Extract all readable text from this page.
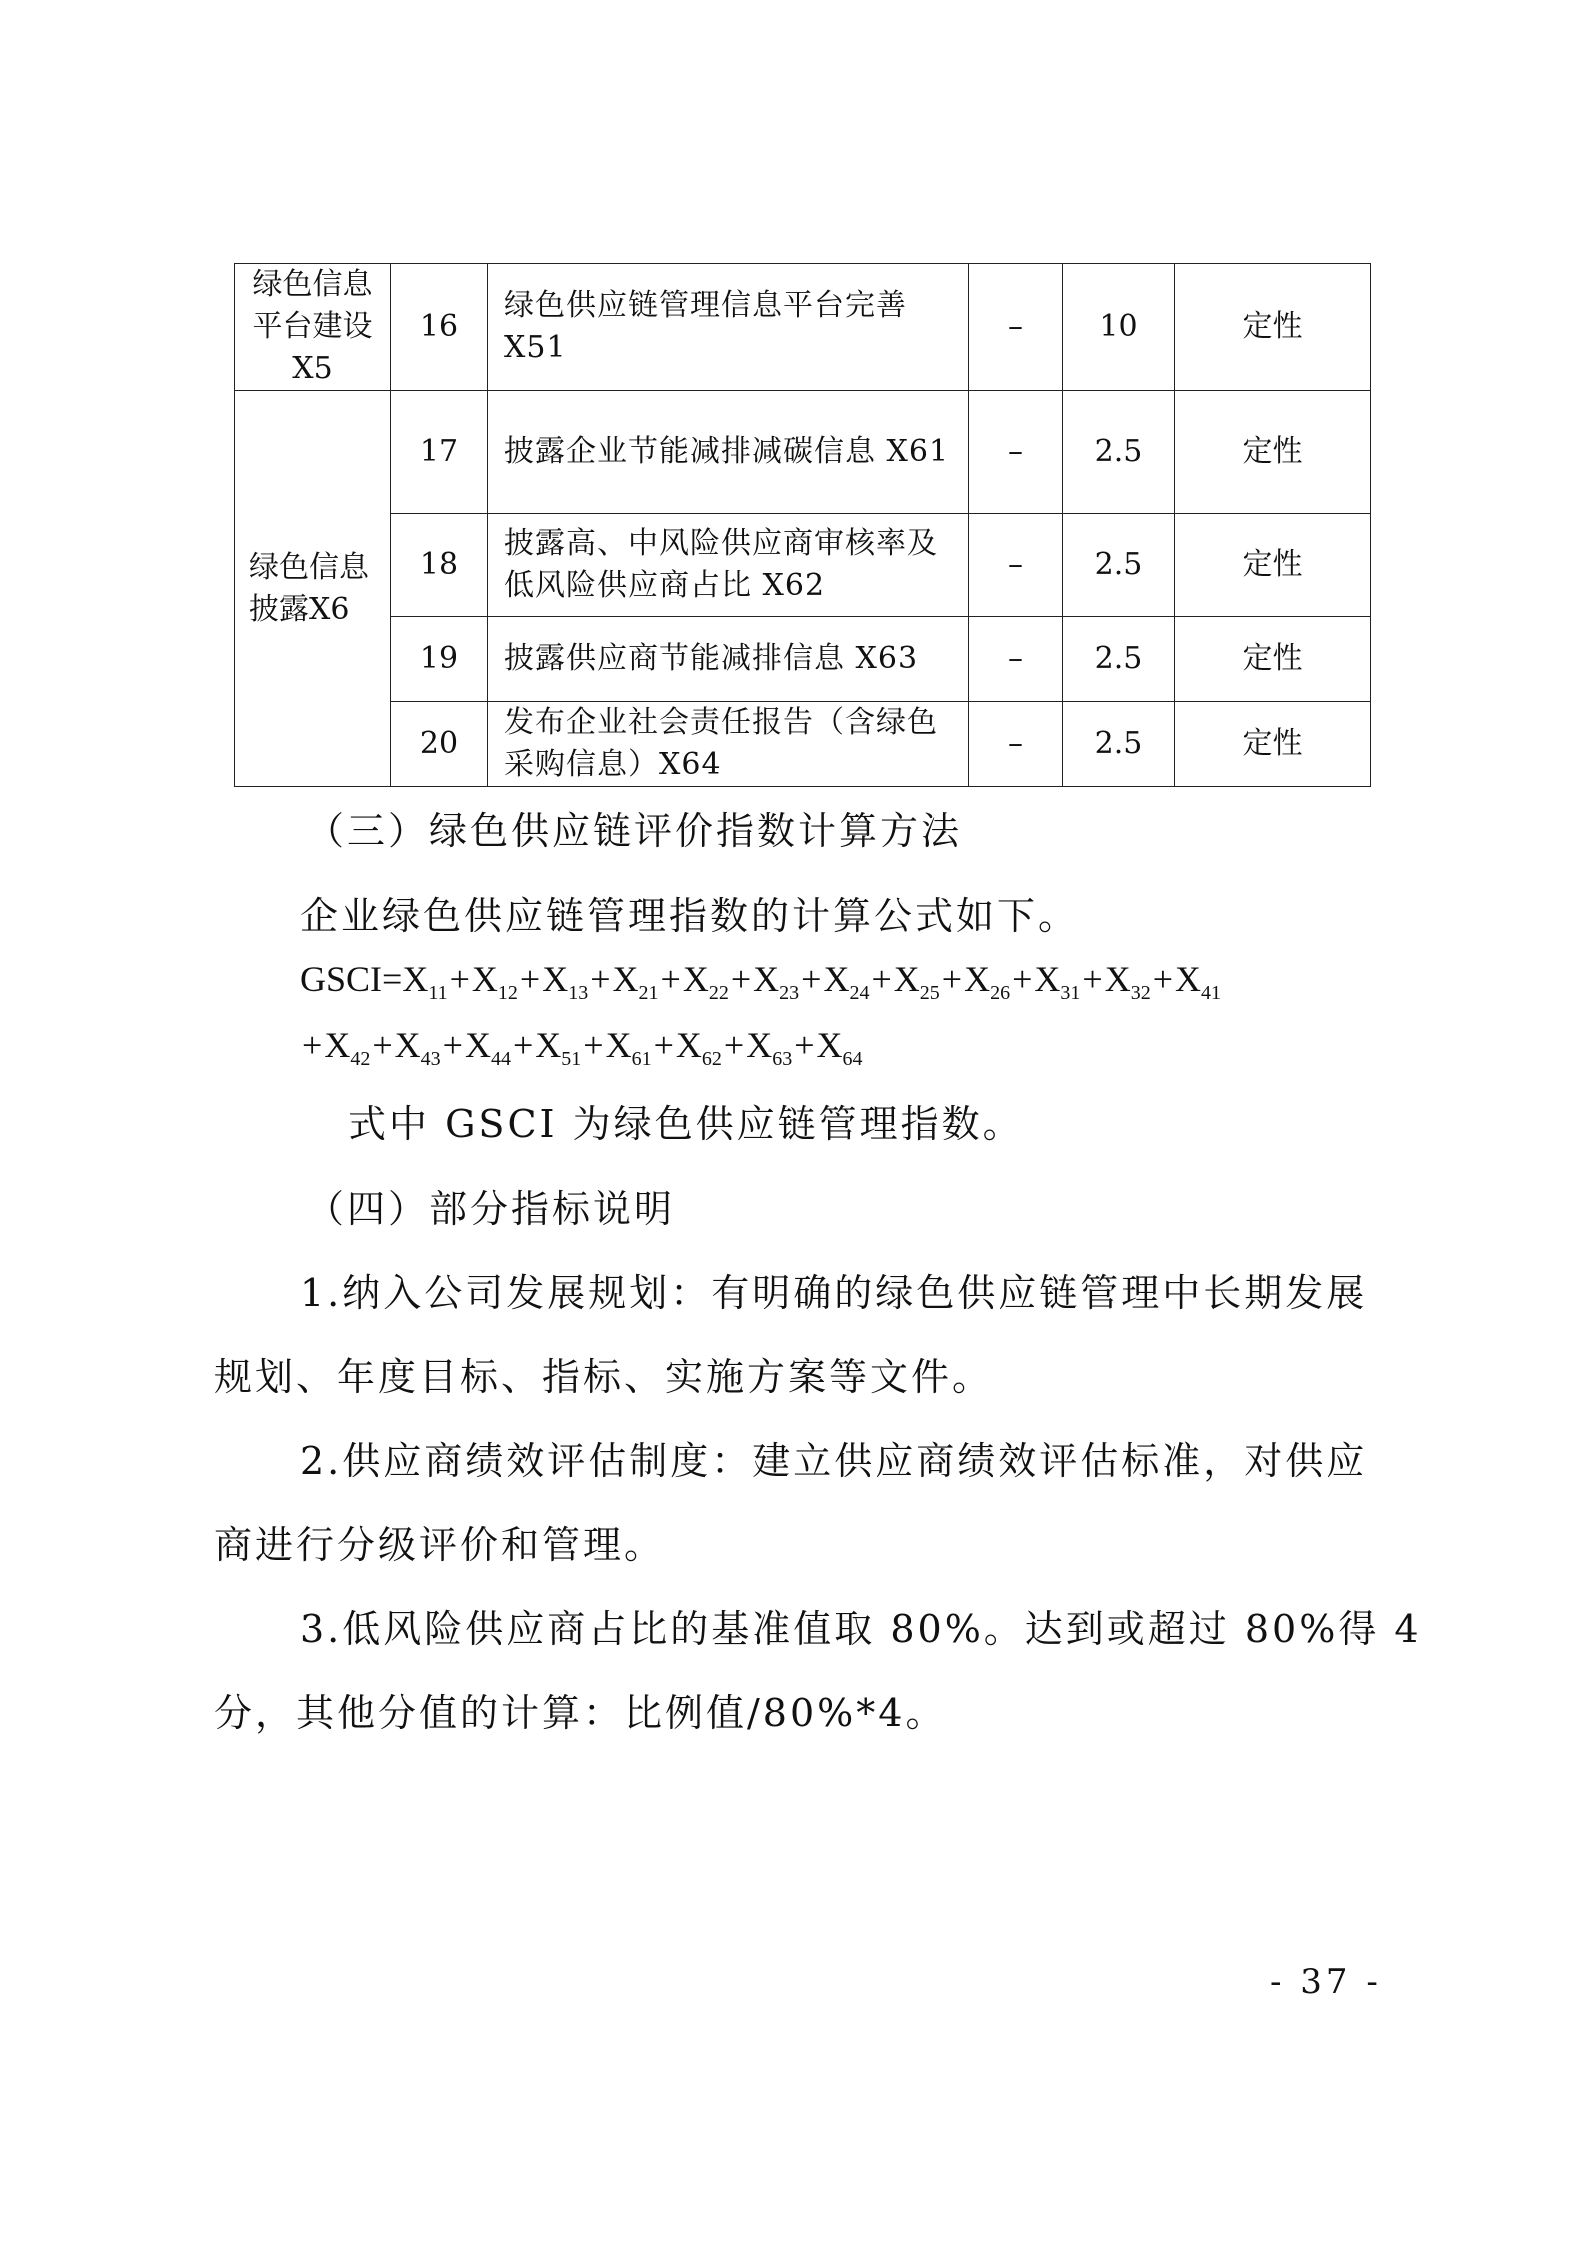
绿色信息平台建设X5	16	绿色供应链管理信息平台完善X51	–	10	定性
绿色信息披露X6	17	披露企业节能减排减碳信息 X61	–	2.5	定性
	18	披露高、中风险供应商审核率及低风险供应商占比 X62	–	2.5	定性
	19	披露供应商节能减排信息 X63	–	2.5	定性
	20	发布企业社会责任报告（含绿色采购信息）X64	–	2.5	定性
（三）绿色供应链评价指数计算方法
企业绿色供应链管理指数的计算公式如下。
$GSCI=X_{11}+X_{12}+X_{13}+X_{21}+X_{22}+X_{23}+X_{24}+X_{25}+X_{26}+X_{31}+X_{32}+X_{41}$
$+X_{42}+X_{43}+X_{44}+X_{51}+X_{61}+X_{62}+X_{63}+X_{64}$
式中 GSCI 为绿色供应链管理指数。
（四）部分指标说明
1.纳入公司发展规划：有明确的绿色供应链管理中长期发展
规划、年度目标、指标、实施方案等文件。
2.供应商绩效评估制度：建立供应商绩效评估标准，对供应
商进行分级评价和管理。
3.低风险供应商占比的基准值取 80%。达到或超过 80%得 4
分，其他分值的计算：比例值/80%*4。
- 37 -
